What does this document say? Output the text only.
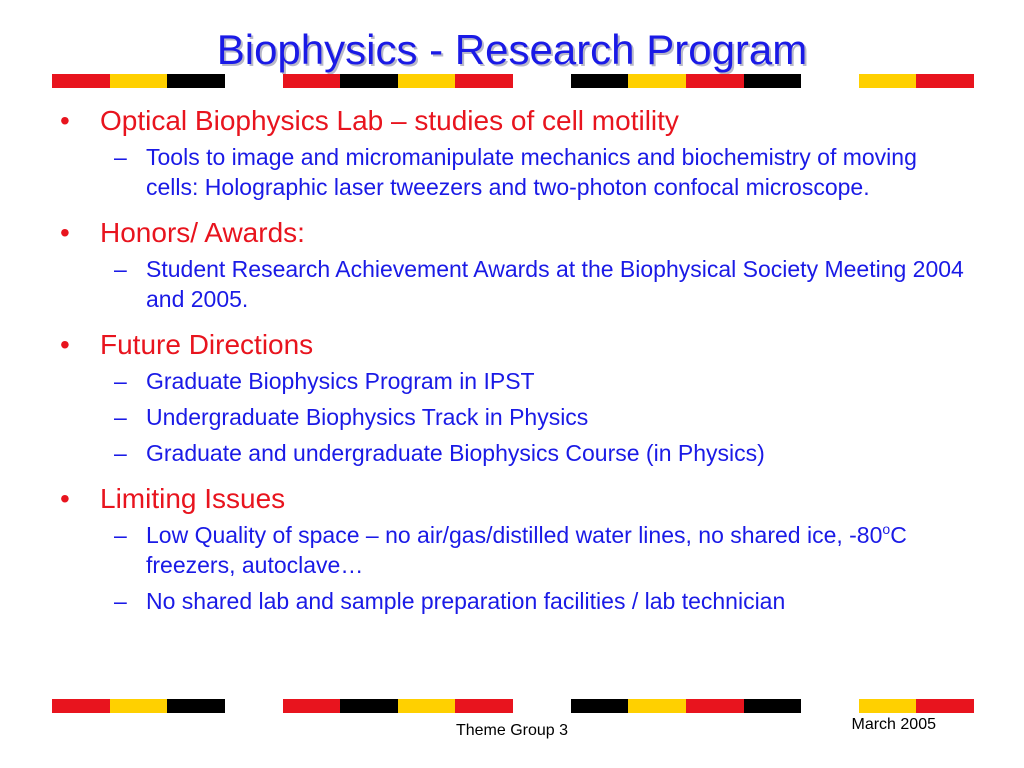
Biophysics - Research Program
• Optical Biophysics Lab – studies of cell motility
– Tools to image and micromanipulate mechanics and biochemistry of moving cells: Holographic laser tweezers and two-photon confocal microscope.
• Honors/ Awards:
– Student Research Achievement Awards at the Biophysical Society Meeting 2004 and 2005.
• Future Directions
– Graduate Biophysics Program in IPST
– Undergraduate Biophysics Track in Physics
– Graduate and undergraduate Biophysics Course (in Physics)
• Limiting Issues
– Low Quality of space – no air/gas/distilled water lines, no shared ice, -80$^o$C freezers, autoclave…
– No shared lab and sample preparation facilities / lab technician
Theme Group 3	March 2005
